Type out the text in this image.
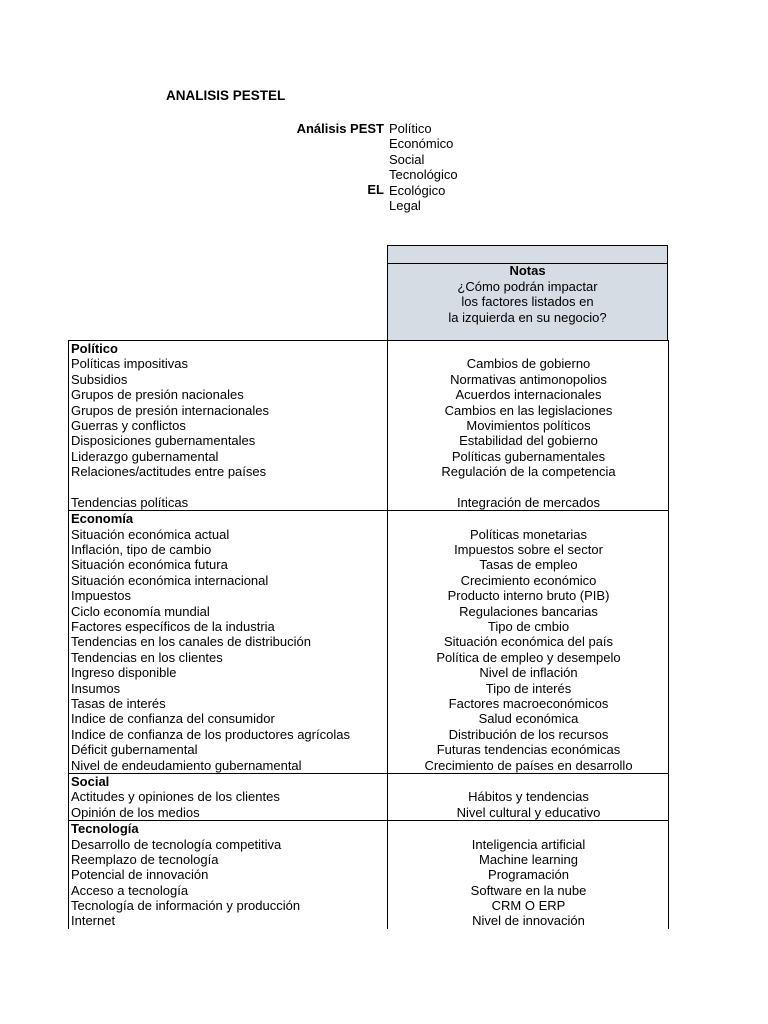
ANALISIS PESTEL
Análisis PEST
EL
Político
Económico
Social
Tecnológico
Ecológico
Legal
Notas
¿Cómo podrán impactar
los factores listados en
la izquierda en su negocio?
Político
Políticas impositivas	Cambios de gobierno
Subsidios	Normativas antimonopolios
Grupos de presión nacionales	Acuerdos internacionales
Grupos de presión internacionales	Cambios en las legislaciones
Guerras y conflictos	Movimientos políticos
Disposiciones gubernamentales	Estabilidad del gobierno
Liderazgo gubernamental	Políticas gubernamentales
Relaciones/actitudes entre países	Regulación de la competencia
Tendencias políticas	Integración de mercados
Economía
Situación económica actual	Políticas monetarias
Inflación, tipo de cambio	Impuestos sobre el sector
Situación económica futura	Tasas de empleo
Situación económica internacional	Crecimiento económico
Impuestos	Producto interno bruto (PIB)
Ciclo economía mundial	Regulaciones bancarias
Factores específicos de la industria	Tipo de cmbio
Tendencias en los canales de distribución	Situación económica del país
Tendencias en los clientes	Política de empleo y desempelo
Ingreso disponible	Nivel de inflación
Insumos	Tipo de interés
Tasas de interés	Factores macroeconómicos
Indice de confianza del consumidor	Salud económica
Indice de confianza de los productores agrícolas	Distribución de los recursos
Déficit gubernamental	Futuras tendencias económicas
Nivel de endeudamiento gubernamental	Crecimiento de países en desarrollo
Social
Actitudes y opiniones de los clientes	Hábitos y tendencias
Opinión de los medios	Nivel cultural y educativo
Tecnología
Desarrollo de tecnología competitiva	Inteligencia artificial
Reemplazo de tecnología	Machine learning
Potencial de innovación	Programación
Acceso a tecnología	Software en la nube
Tecnología de información y producción	CRM O ERP
Internet	Nivel de innovación
